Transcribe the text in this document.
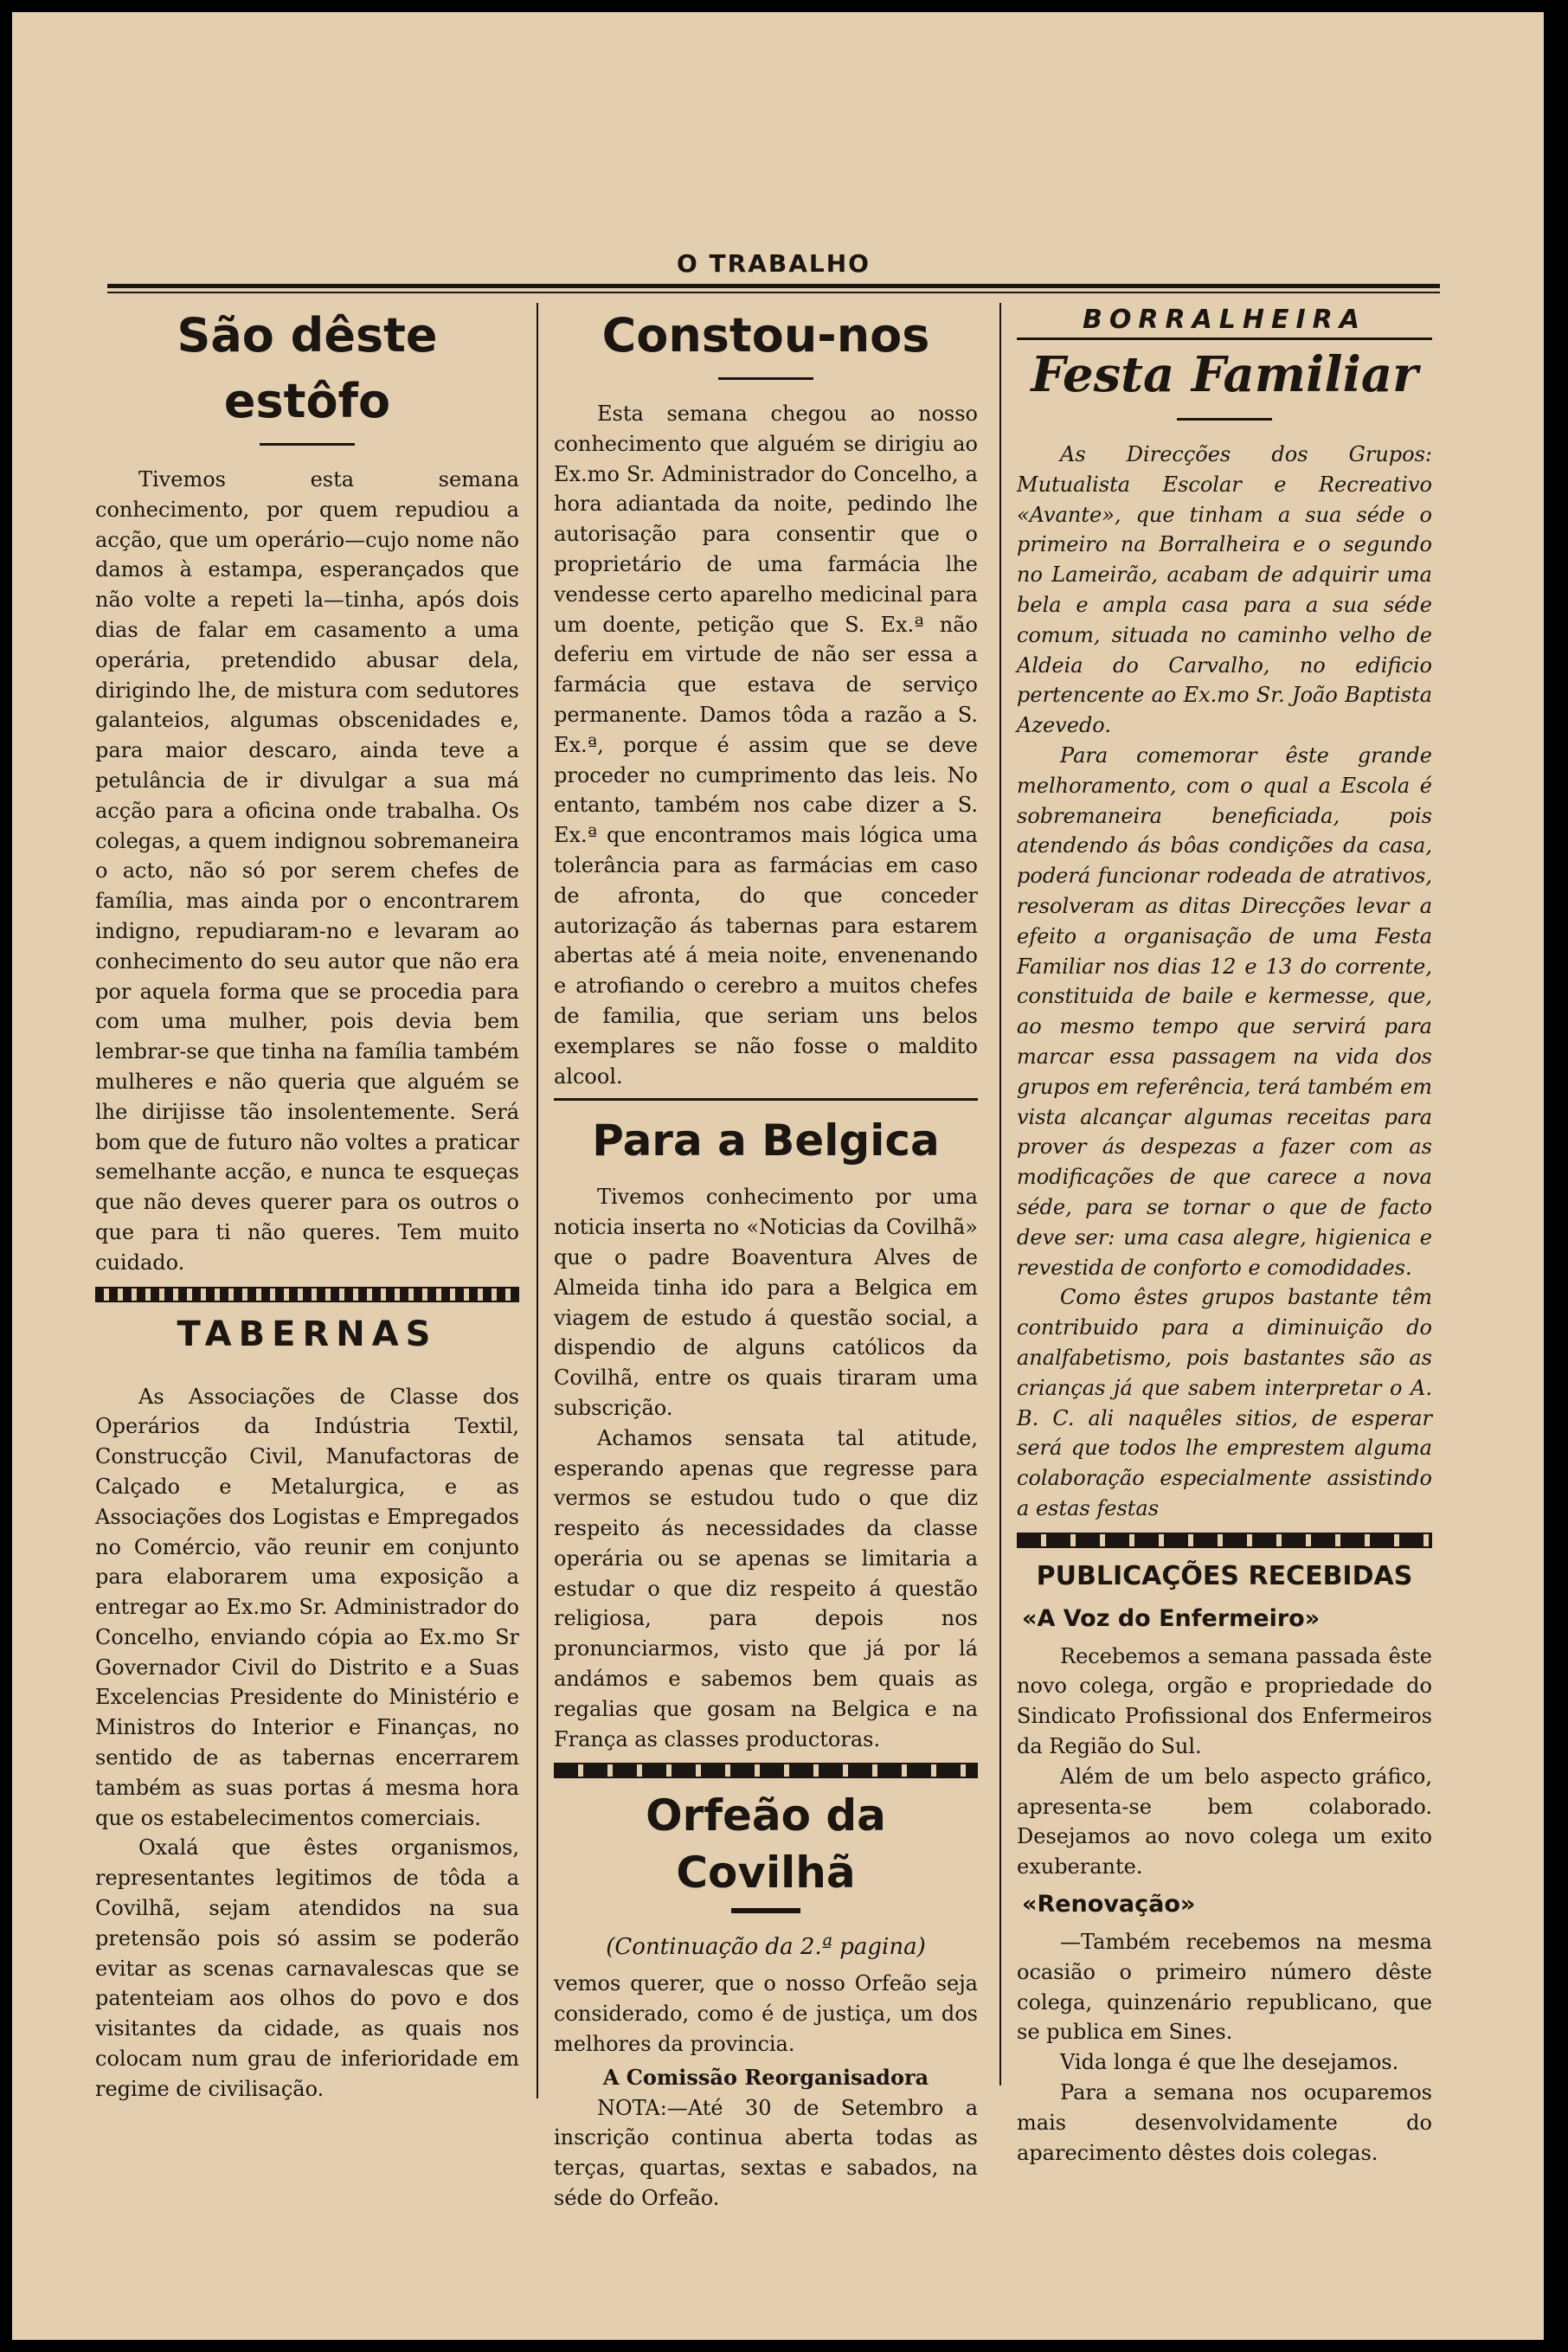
O TRABALHO
São dêste estôfo

Tivemos esta semana conhecimento, por quem repudiou a acção, que um operário—cujo nome não damos à estampa, esperançados que não volte a repeti la—tinha, após dois dias de falar em casamento a uma operária, pretendido abusar dela, dirigindo lhe, de mistura com sedutores galanteios, algumas obscenidades e, para maior descaro, ainda teve a petulância de ir divulgar a sua má acção para a oficina onde trabalha. Os colegas, a quem indignou sobremaneira o acto, não só por serem chefes de família, mas ainda por o encontrarem indigno, repudiaram-no e levaram ao conhecimento do seu autor que não era por aquela forma que se procedia para com uma mulher, pois devia bem lembrar-se que tinha na família também mulheres e não queria que alguém se lhe dirijisse tão insolentemente. Será bom que de futuro não voltes a praticar semelhante acção, e nunca te esqueças que não deves querer para os outros o que para ti não queres. Tem muito cuidado.

TABERNAS

As Associações de Classe dos Operários da Indústria Textil, Construcção Civil, Manufactoras de Calçado e Metalurgica, e as Associações dos Logistas e Empregados no Comércio, vão reunir em conjunto para elaborarem uma exposição a entregar ao Ex.mo Sr. Administrador do Concelho, enviando cópia ao Ex.mo Sr Governador Civil do Distrito e a Suas Excelencias Presidente do Ministério e Ministros do Interior e Finanças, no sentido de as tabernas encerrarem também as suas portas á mesma hora que os estabelecimentos comerciais.

Oxalá que êstes organismos, representantes legitimos de tôda a Covilhã, sejam atendidos na sua pretensão pois só assim se poderão evitar as scenas carnavalescas que se patenteiam aos olhos do povo e dos visitantes da cidade, as quais nos colocam num grau de inferioridade em regime de civilisação.

Constou-nos

Esta semana chegou ao nosso conhecimento que alguém se dirigiu ao Ex.mo Sr. Administrador do Concelho, a hora adiantada da noite, pedindo lhe autorisação para consentir que o proprietário de uma farmácia lhe vendesse certo aparelho medicinal para um doente, petição que S. Ex.ª não deferiu em virtude de não ser essa a farmácia que estava de serviço permanente. Damos tôda a razão a S. Ex.ª, porque é assim que se deve proceder no cumprimento das leis. No entanto, também nos cabe dizer a S. Ex.ª que encontramos mais lógica uma tolerância para as farmácias em caso de afronta, do que conceder autorização ás tabernas para estarem abertas até á meia noite, envenenando e atrofiando o cerebro a muitos chefes de familia, que seriam uns belos exemplares se não fosse o maldito alcool.

Para a Belgica

Tivemos conhecimento por uma noticia inserta no «Noticias da Covilhã» que o padre Boaventura Alves de Almeida tinha ido para a Belgica em viagem de estudo á questão social, a dispendio de alguns católicos da Covilhã, entre os quais tiraram uma subscrição.

Achamos sensata tal atitude, esperando apenas que regresse para vermos se estudou tudo o que diz respeito ás necessidades da classe operária ou se apenas se limitaria a estudar o que diz respeito á questão religiosa, para depois nos pronunciarmos, visto que já por lá andámos e sabemos bem quais as regalias que gosam na Belgica e na França as classes productoras.

Orfeão da Covilhã
(Continuação da 2.ª pagina)

vemos querer, que o nosso Orfeão seja considerado, como é de justiça, um dos melhores da provincia.

A Comissão Reorganisadora

NOTA:—Até 30 de Setembro a inscrição continua aberta todas as terças, quartas, sextas e sabados, na séde do Orfeão.

BORRALHEIRA
Festa Familiar

As Direcções dos Grupos: Mutualista Escolar e Recreativo «Avante», que tinham a sua séde o primeiro na Borralheira e o segundo no Lameirão, acabam de adquirir uma bela e ampla casa para a sua séde comum, situada no caminho velho de Aldeia do Carvalho, no edificio pertencente ao Ex.mo Sr. João Baptista Azevedo.

Para comemorar êste grande melhoramento, com o qual a Escola é sobremaneira beneficiada, pois atendendo ás bôas condições da casa, poderá funcionar rodeada de atrativos, resolveram as ditas Direcções levar a efeito a organisação de uma Festa Familiar nos dias 12 e 13 do corrente, constituida de baile e kermesse, que, ao mesmo tempo que servirá para marcar essa passagem na vida dos grupos em referência, terá também em vista alcançar algumas receitas para prover ás despezas a fazer com as modificações de que carece a nova séde, para se tornar o que de facto deve ser: uma casa alegre, higienica e revestida de conforto e comodidades.

Como êstes grupos bastante têm contribuido para a diminuição do analfabetismo, pois bastantes são as crianças já que sabem interpretar o A. B. C. ali naquêles sitios, de esperar será que todos lhe emprestem alguma colaboração especialmente assistindo a estas festas

PUBLICAÇÕES RECEBIDAS
«A Voz do Enfermeiro»

Recebemos a semana passada êste novo colega, orgão e propriedade do Sindicato Profissional dos Enfermeiros da Região do Sul.

Além de um belo aspecto gráfico, apresenta-se bem colaborado. Desejamos ao novo colega um exito exuberante.

«Renovação»

—Também recebemos na mesma ocasião o primeiro número dêste colega, quinzenário republicano, que se publica em Sines.

Vida longa é que lhe desejamos.

Para a semana nos ocuparemos mais desenvolvidamente do aparecimento dêstes dois colegas.
